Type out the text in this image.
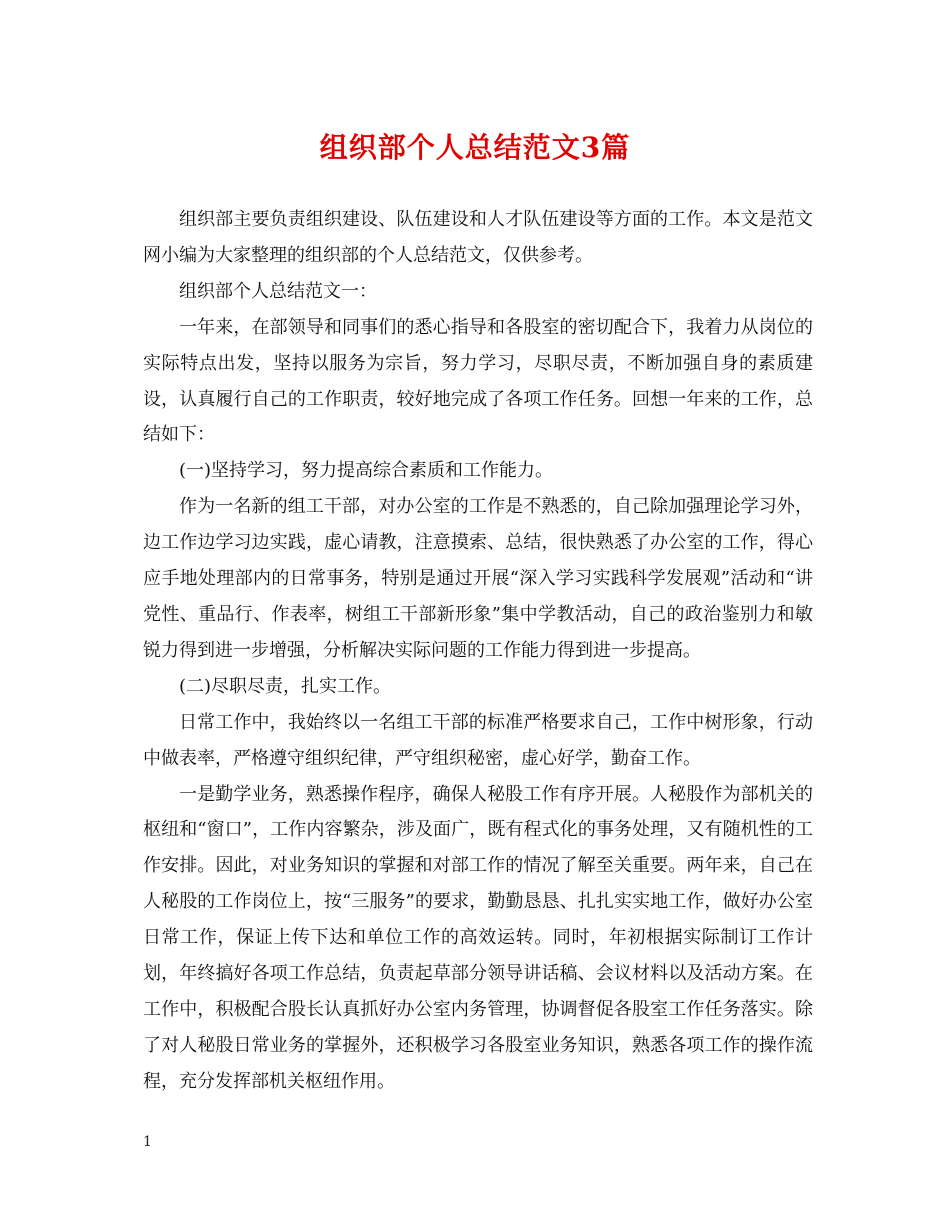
组织部个人总结范文3篇

组织部主要负责组织建设、队伍建设和人才队伍建设等方面的工作。本文是范文网小编为大家整理的组织部的个人总结范文，仅供参考。

组织部个人总结范文一：

一年来，在部领导和同事们的悉心指导和各股室的密切配合下，我着力从岗位的实际特点出发，坚持以服务为宗旨，努力学习，尽职尽责，不断加强自身的素质建设，认真履行自己的工作职责，较好地完成了各项工作任务。回想一年来的工作，总结如下：

(一)坚持学习，努力提高综合素质和工作能力。

作为一名新的组工干部，对办公室的工作是不熟悉的，自己除加强理论学习外，边工作边学习边实践，虚心请教，注意摸索、总结，很快熟悉了办公室的工作，得心应手地处理部内的日常事务，特别是通过开展“深入学习实践科学发展观”活动和“讲党性、重品行、作表率，树组工干部新形象”集中学教活动，自己的政治鉴别力和敏锐力得到进一步增强，分析解决实际问题的工作能力得到进一步提高。

(二)尽职尽责，扎实工作。

日常工作中，我始终以一名组工干部的标准严格要求自己，工作中树形象，行动中做表率，严格遵守组织纪律，严守组织秘密，虚心好学，勤奋工作。

一是勤学业务，熟悉操作程序，确保人秘股工作有序开展。人秘股作为部机关的枢纽和“窗口”，工作内容繁杂，涉及面广，既有程式化的事务处理，又有随机性的工作安排。因此，对业务知识的掌握和对部工作的情况了解至关重要。两年来，自己在人秘股的工作岗位上，按“三服务”的要求，勤勤恳恳、扎扎实实地工作，做好办公室日常工作，保证上传下达和单位工作的高效运转。同时，年初根据实际制订工作计划，年终搞好各项工作总结，负责起草部分领导讲话稿、会议材料以及活动方案。在工作中，积极配合股长认真抓好办公室内务管理，协调督促各股室工作任务落实。除了对人秘股日常业务的掌握外，还积极学习各股室业务知识，熟悉各项工作的操作流程，充分发挥部机关枢纽作用。

1
